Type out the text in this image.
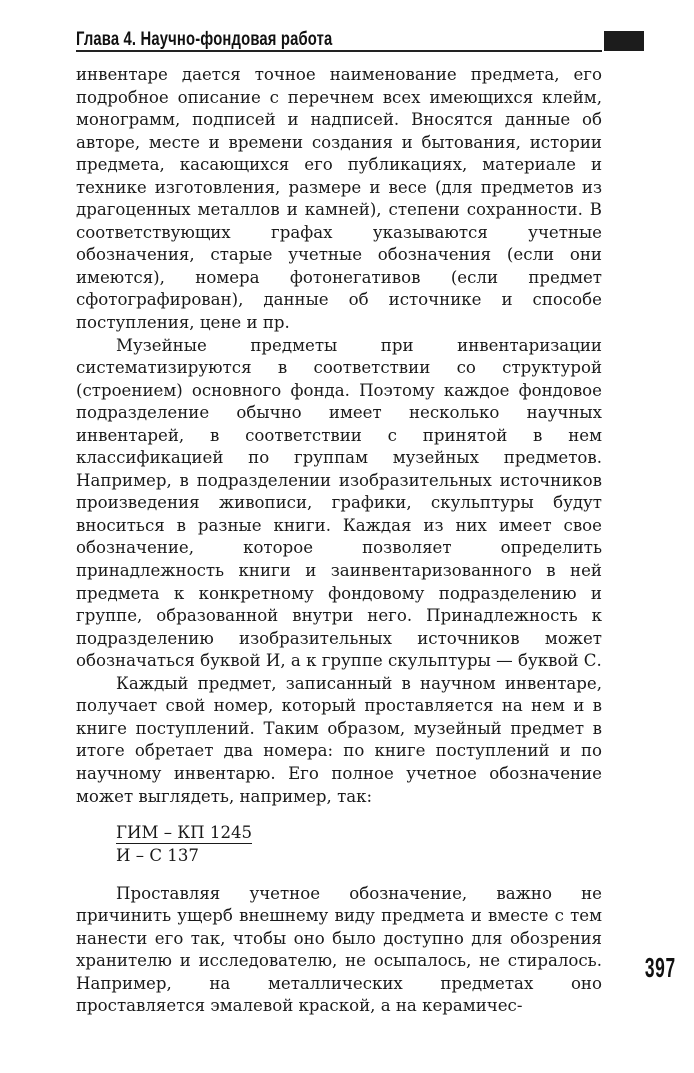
Глава 4. Научно-фондовая работа

инвентаре дается точное наименование предмета, его подробное описание с перечнем всех имеющихся клейм, монограмм, подписей и надписей. Вносятся данные об авторе, месте и времени создания и бытования, истории предмета, касающихся его публикациях, материале и технике изготовления, размере и весе (для предметов из драгоценных металлов и камней), степени сохранности. В соответствующих графах указываются учетные обозначения, старые учетные обозначения (если они имеются), номера фотонегативов (если предмет сфотографирован), данные об источнике и способе поступления, цене и пр.

Музейные предметы при инвентаризации систематизируются в соответствии со структурой (строением) основного фонда. Поэтому каждое фондовое подразделение обычно имеет несколько научных инвентарей, в соответствии с принятой в нем классификацией по группам музейных предметов. Например, в подразделении изобразительных источников произведения живописи, графики, скульптуры будут вноситься в разные книги. Каждая из них имеет свое обозначение, которое позволяет определить принадлежность книги и заинвентаризованного в ней предмета к конкретному фондовому подразделению и группе, образованной внутри него. Принадлежность к подразделению изобразительных источников может обозначаться буквой И, а к группе скульптуры — буквой С.

Каждый предмет, записанный в научном инвентаре, получает свой номер, который проставляется на нем и в книге поступлений. Таким образом, музейный предмет в итоге обретает два номера: по книге поступлений и по научному инвентарю. Его полное учетное обозначение может выглядеть, например, так:

ГИМ – КП 1245
И – С 137

Проставляя учетное обозначение, важно не причинить ущерб внешнему виду предмета и вместе с тем нанести его так, чтобы оно было доступно для обозрения хранителю и исследователю, не осыпалось, не стиралось. Например, на металлических предметах оно проставляется эмалевой краской, а на керамичес-

397
